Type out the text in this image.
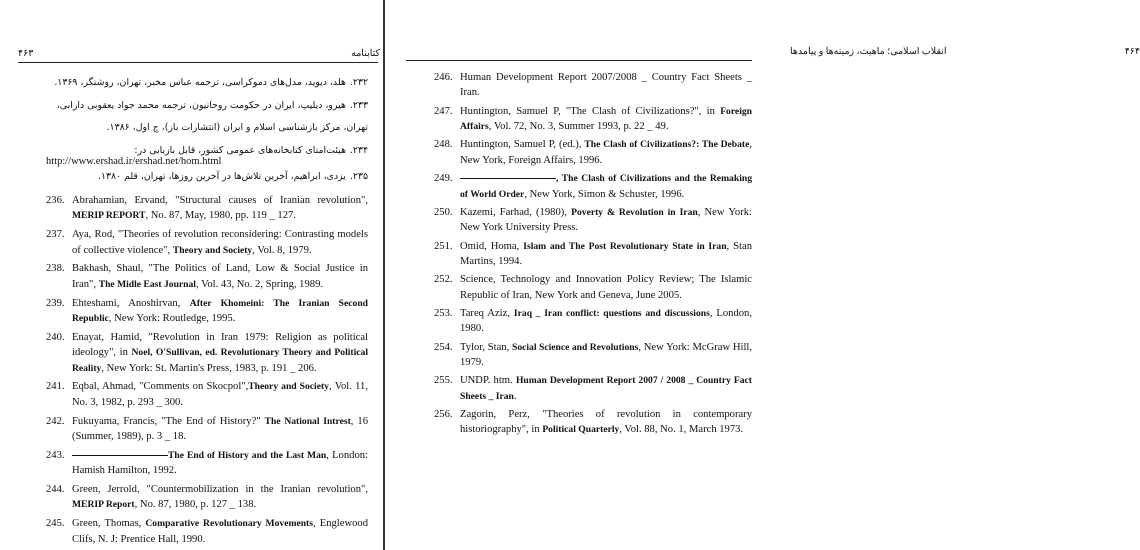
۴۶۳	کتابنامه
۲۳۲.هلد، دیوید، مدل‌های دموکراسی، ترجمه عباس مخبر، تهران، روشنگر، ۱۳۶۹.
۲۳۳.هیرو، دیلیپ، ایران در حکومت روحانیون، ترجمه محمد جواد یعقوبی دارابی،
تهران، مرکز بازشناسی اسلام و ایران (انتشارات باز)، چ اول، ۱۳۸۶.
۲۳۴.هیئت‌امنای کتابخانه‌های عمومی کشور، قابل بازیابی در:
http://www.ershad.ir/ershad.net/hom.html
۲۳۵.یزدی، ابراهیم، آخرین تلاش‌ها در آخرین روزها، تهران، قلم ۱۳۸۰.
236. Abrahamian, Ervand, "Structural causes of Iranian revolution", MERIP REPORT, No. 87, May, 1980, pp. 119 _ 127.
237. Aya, Rod, "Theories of revolution reconsidering: Contrasting models of collective violence", Theory and Society, Vol. 8, 1979.
238. Bakhash, Shaul, "The Politics of Land, Low & Social Justice in Iran", The Midle East Journal, Vol. 43, No. 2, Spring, 1989.
239. Ehteshami, Anoshirvan, After Khomeini: The Iranian Second Republic, New York: Routledge, 1995.
240. Enayat, Hamid, "Revolution in Iran 1979: Religion as political ideology", in Noel, O'Sullivan, ed. Revolutionary Theory and Political Reality, New York: St. Martin's Press, 1983, p. 191 _ 206.
241. Eqbal, Ahmad, "Comments on Skocpol",Theory and Society, Vol. 11, No. 3, 1982, p. 293 _ 300.
242. Fukuyama, Francis, "The End of History?" The National Intrest, 16 (Summer, 1989), p. 3 _ 18.
243.	The End of History and the Last Man, London: Hamish Hamilton, 1992.
244. Green, Jerrold, "Countermobilization in the Iranian revolution", MERIP Report, No. 87, 1980, p. 127 _ 138.
245. Green, Thomas, Comparative Revolutionary Movements, Englewood Clifs, N. J: Prentice Hall, 1990.
انقلاب اسلامی؛ ماهیت، زمینه‌ها و پیامدها	۴۶۴
246. Human Development Report 2007/2008 _ Country Fact Sheets _ Iran.
247. Huntington, Samuel P, "The Clash of Civilizations?", in Foreign Affairs, Vol. 72, No. 3, Summer 1993, p. 22 _ 49.
248. Huntington, Samuel P, (ed.), The Clash of Civilizations?: The Debate, New York, Foreign Affairs, 1996.
249.	, The Clash of Civilizations and the Remaking of World Order, New York, Simon & Schuster, 1996.
250. Kazemi, Farhad, (1980), Poverty & Revolution in Iran, New York: New York University Press.
251. Omid, Homa, Islam and The Post Revolutionary State in Iran, Stan Martins, 1994.
252. Science, Technology and Innovation Policy Review; The Islamic Republic of Iran, New York and Geneva, June 2005.
253. Tareq Aziz, Iraq _ Iran conflict: questions and discussions, London, 1980.
254. Tylor, Stan, Social Science and Revolutions, New York: McGraw Hill, 1979.
255. UNDP. htm. Human Development Report 2007 / 2008 _ Country Fact Sheets _ Iran.
256. Zagorin, Perz, "Theories of revolution in contemporary historiography", in Political Quarterly, Vol. 88, No. 1, March 1973.
